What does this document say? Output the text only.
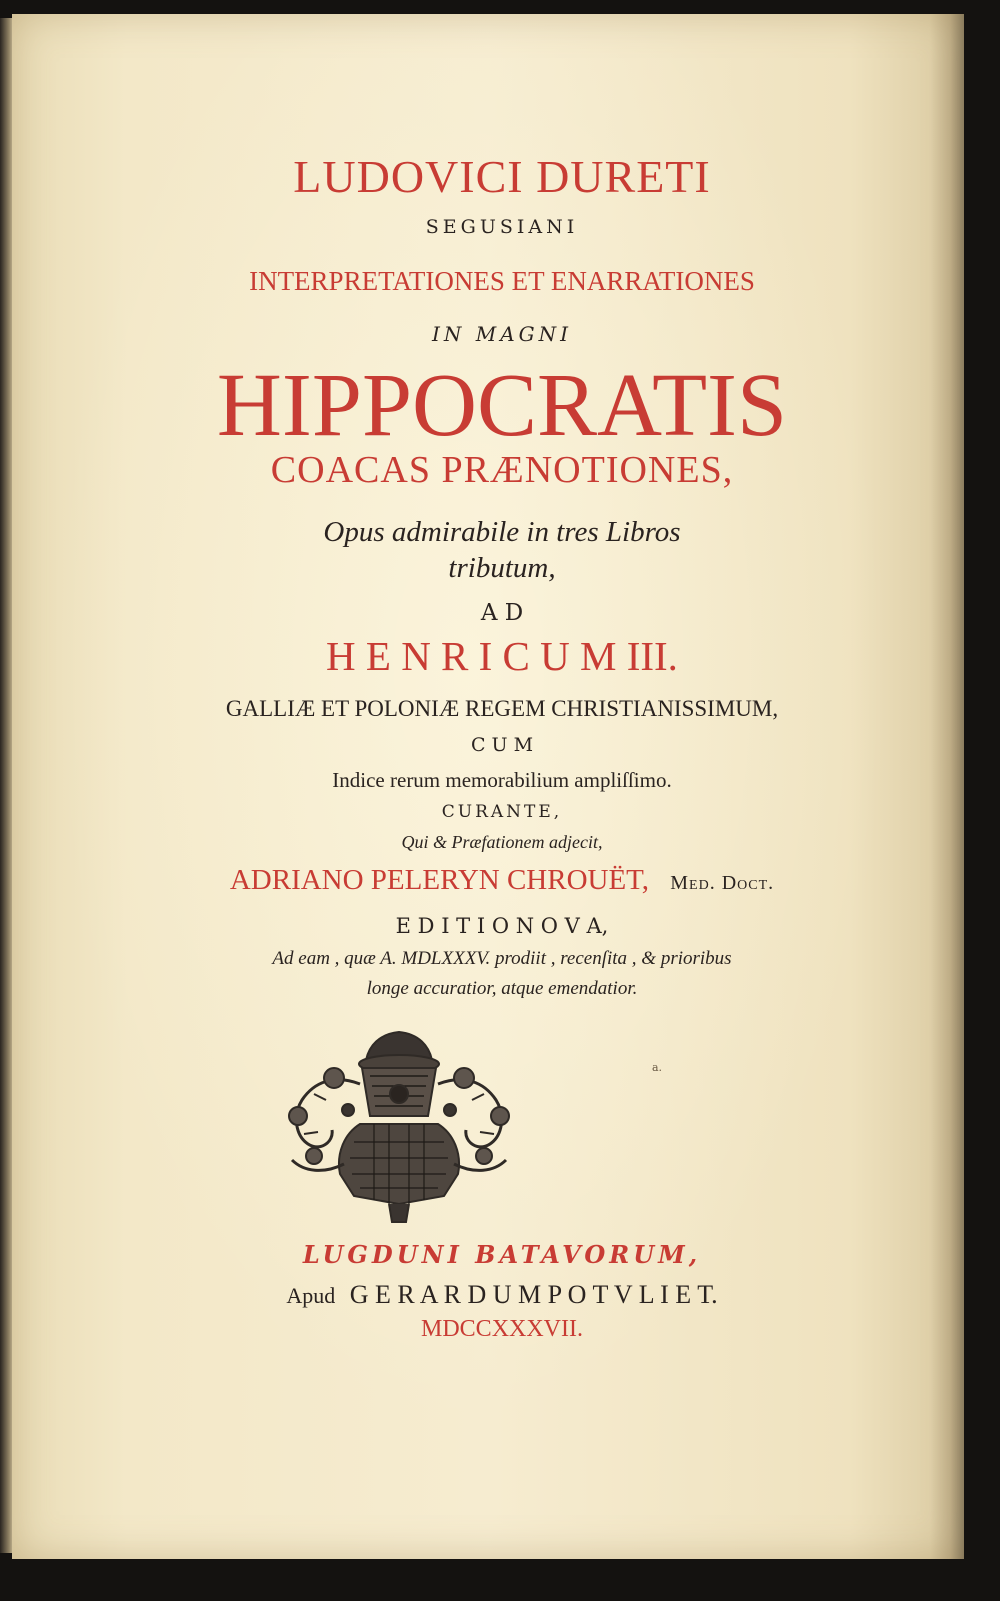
LUDOVICI DURETI
SEGUSIANI
INTERPRETATIONES ET ENARRATIONES
IN MAGNI
HIPPOCRATIS
COACAS PRÆNOTIONES,
Opus admirabile in tres Libros
tributum,
A D
H E N R I C U M III.
GALLIÆ ET POLONIÆ REGEM CHRISTIANISSIMUM,
C U M
Indice rerum memorabilium ampliſſimo.
CURANTE,
Qui & Præfationem adjecit,
ADRIANO PELERYN CHROUËT, Med. Doct.
E D I T I O N O V A,
Ad eam , quæ A. MDLXXXV. prodiit , recenſita , & prioribus
longe accuratior, atque emendatior.
LUGDUNI BATAVORUM,
Apud G E R A R D U M P O T V L I E T.
MDCCXXXVII.
a.
